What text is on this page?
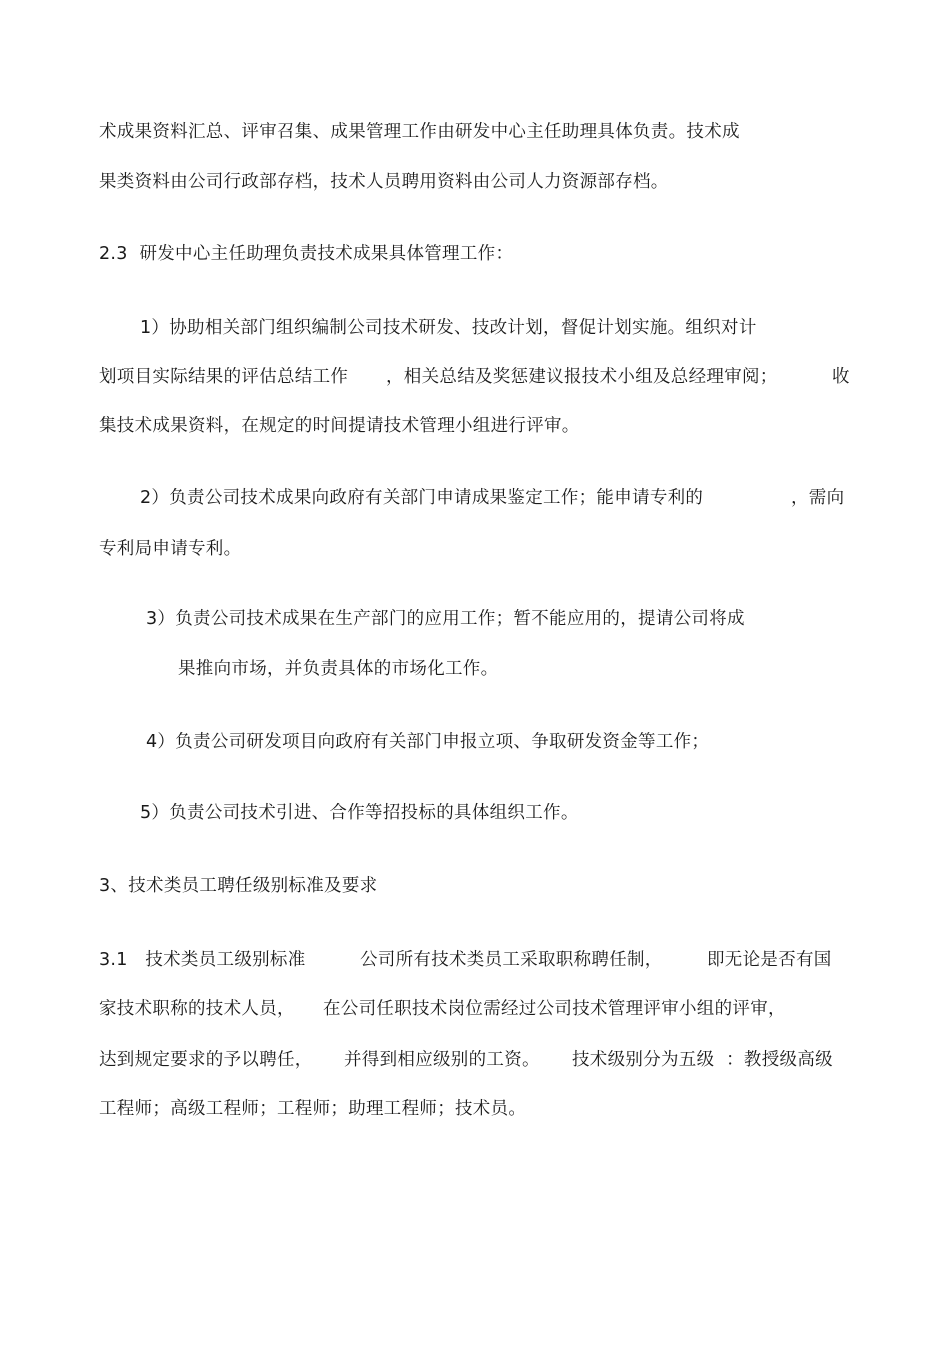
术成果资料汇总、评审召集、成果管理工作由研发中心主任助理具体负责。技术成
果类资料由公司行政部存档，技术人员聘用资料由公司人力资源部存档。
2.3  研发中心主任助理负责技术成果具体管理工作：
1）协助相关部门组织编制公司技术研发、技改计划，督促计划实施。组织对计
划项目实际结果的评估总结工作 ，相关总结及奖惩建议报技术小组及总经理审阅；	收
集技术成果资料，在规定的时间提请技术管理小组进行评审。
2）负责公司技术成果向政府有关部门申请成果鉴定工作；能申请专利的	，需向
专利局申请专利。
3）负责公司技术成果在生产部门的应用工作；暂不能应用的，提请公司将成
果推向市场，并负责具体的市场化工作。
4）负责公司研发项目向政府有关部门申报立项、争取研发资金等工作；
5）负责公司技术引进、合作等招投标的具体组织工作。
3、技术类员工聘任级别标准及要求
3.1   技术类员工级别标准	公司所有技术类员工采取职称聘任制，	即无论是否有国
家技术职称的技术人员， 在公司任职技术岗位需经过公司技术管理评审小组的评审，
达到规定要求的予以聘任， 并得到相应级别的工资。 技术级别分为五级  ：教授级高级
工程师；高级工程师；工程师；助理工程师；技术员。
